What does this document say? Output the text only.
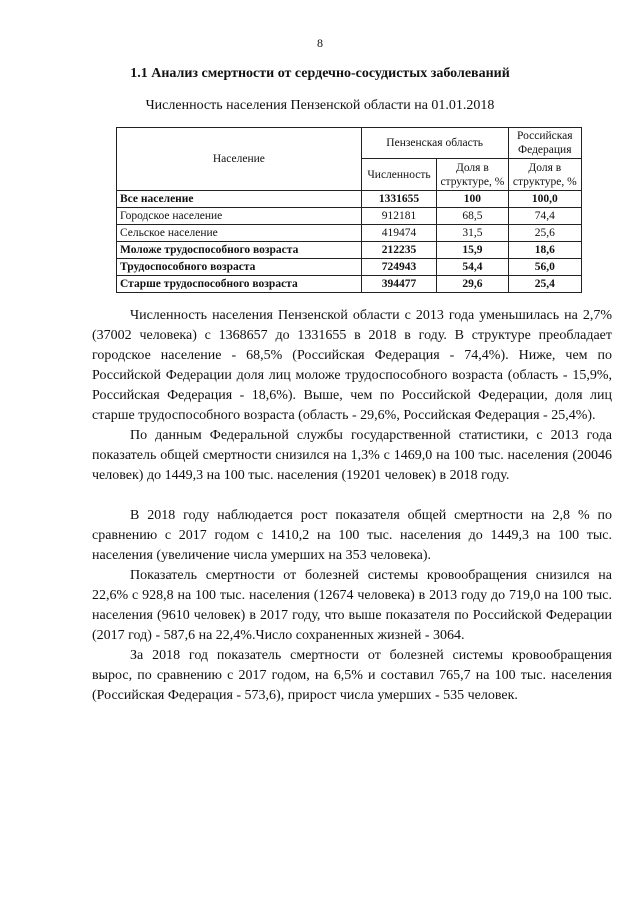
8
1.1 Анализ смертности от сердечно-сосудистых заболеваний
Численность населения Пензенской области на 01.01.2018
Население	Пензенская область		Российская Федерация
	Численность	Доля в структуре, %	Доля в структуре, %
Все население	1331655	100	100,0
Городское население	912181	68,5	74,4
Сельское население	419474	31,5	25,6
Моложе трудоспособного возраста	212235	15,9	18,6
Трудоспособного возраста	724943	54,4	56,0
Старше трудоспособного возраста	394477	29,6	25,4

Численность населения Пензенской области с 2013 года уменьшилась на 2,7% (37002 человека) с 1368657 до 1331655 в 2018 в году. В структуре преобладает городское население - 68,5% (Российская Федерация - 74,4%). Ниже, чем по Российской Федерации доля лиц моложе трудоспособного возраста (область - 15,9%, Российская Федерация - 18,6%). Выше, чем по Российской Федерации, доля лиц старше трудоспособного возраста (область - 29,6%, Российская Федерация - 25,4%).

По данным Федеральной службы государственной статистики, с 2013 года показатель общей смертности снизился на 1,3% с 1469,0 на 100 тыс. населения (20046 человек) до 1449,3 на 100 тыс. населения (19201 человек) в 2018 году.

В 2018 году наблюдается рост показателя общей смертности на 2,8 % по сравнению с 2017 годом с 1410,2 на 100 тыс. населения до 1449,3 на 100 тыс. населения (увеличение числа умерших на 353 человека).

Показатель смертности от болезней системы кровообращения снизился на 22,6% с 928,8 на 100 тыс. населения (12674 человека) в 2013 году до 719,0 на 100 тыс. населения (9610 человек) в 2017 году, что выше показателя по Российской Федерации (2017 год) - 587,6 на 22,4%.Число сохраненных жизней - 3064.

За 2018 год показатель смертности от болезней системы кровообращения вырос, по сравнению с 2017 годом, на 6,5% и составил 765,7 на 100 тыс. населения (Российская Федерация - 573,6), прирост числа умерших - 535 человек.
